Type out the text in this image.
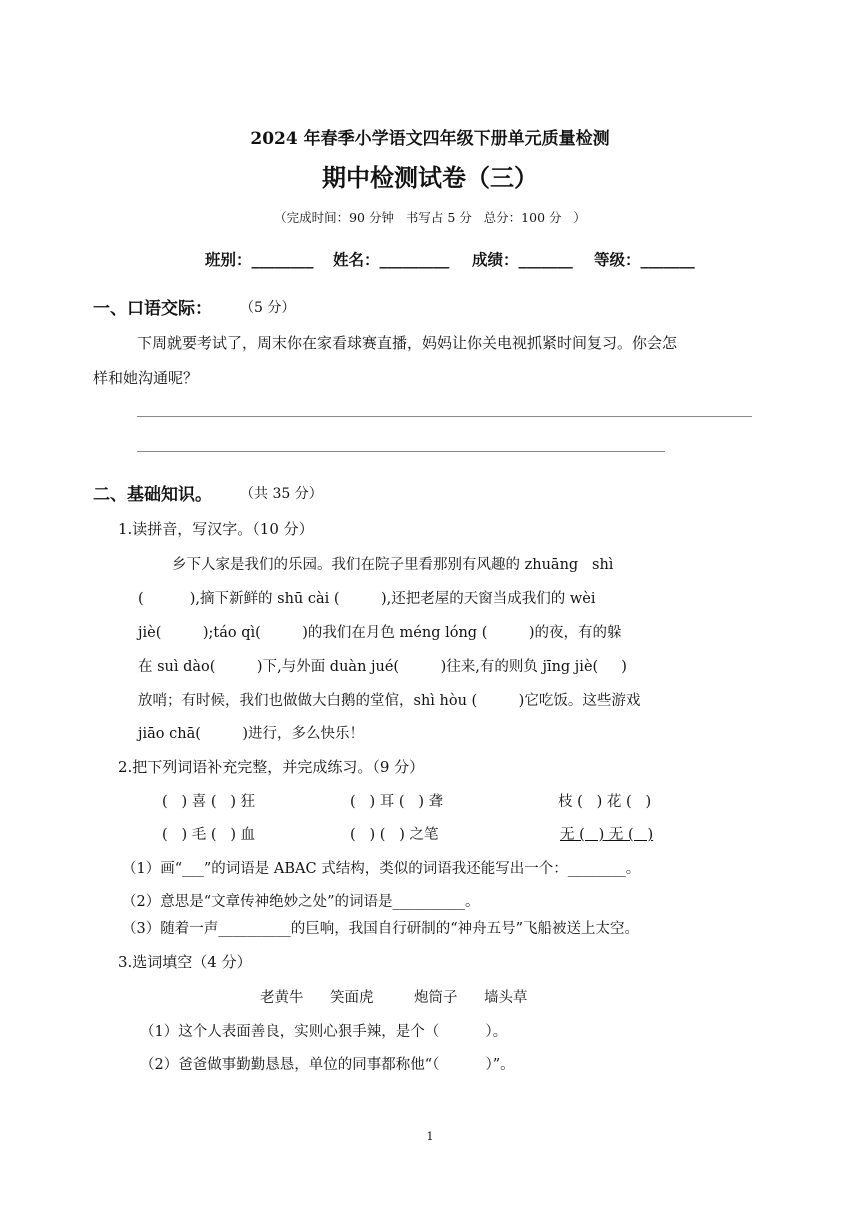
2024 年春季小学语文四年级下册单元质量检测
期中检测试卷（三）
（完成时间：90 分钟   书写占 5 分   总分：100 分   ）
班别：________ 姓名：_________ 成绩：_______ 等级：_______
一、口语交际： （5 分）
下周就要考试了，周末你在家看球赛直播，妈妈让你关电视抓紧时间复习。你会怎
样和她沟通呢？
二、基础知识。 （共 35 分）
1.读拼音，写汉字。（10 分）
乡下人家是我们的乐园。我们在院子里看那别有风趣的 zhuāng   shì
(          ),摘下新鲜的 shū cài (         ),还把老屋的天窗当成我们的 wèi
jiè(         );táo qì(         )的我们在月色 méng lóng (         )的夜，有的躲
在 suì dào(         )下,与外面 duàn jué(         )往来,有的则负 jīng jiè(     )
放哨；有时候，我们也做做大白鹅的堂倌，shì hòu (         )它吃饭。这些游戏
jiāo chā(         )进行，多么快乐！
2.把下列词语补充完整，并完成练习。（9 分）
(   ) 喜 (   ) 狂	(   ) 耳 (   ) 聋	枝 (   ) 花 (   )
(   ) 毛 (   ) 血	(   ) (   ) 之笔	无 (   ) 无 (   )
（1）画“___”的词语是 ABAC 式结构，类似的词语我还能写出一个：________。
（2）意思是“文章传神绝妙之处”的词语是__________。
（3）随着一声__________的巨响，我国自行研制的“神舟五号”飞船被送上太空。
3.选词填空（4 分）
老黄牛 笑面虎	炮筒子 墙头草
（1）这个人表面善良，实则心狠手辣，是个（          ）。
（2）爸爸做事勤勤恳恳，单位的同事都称他“（          ）”。
1
